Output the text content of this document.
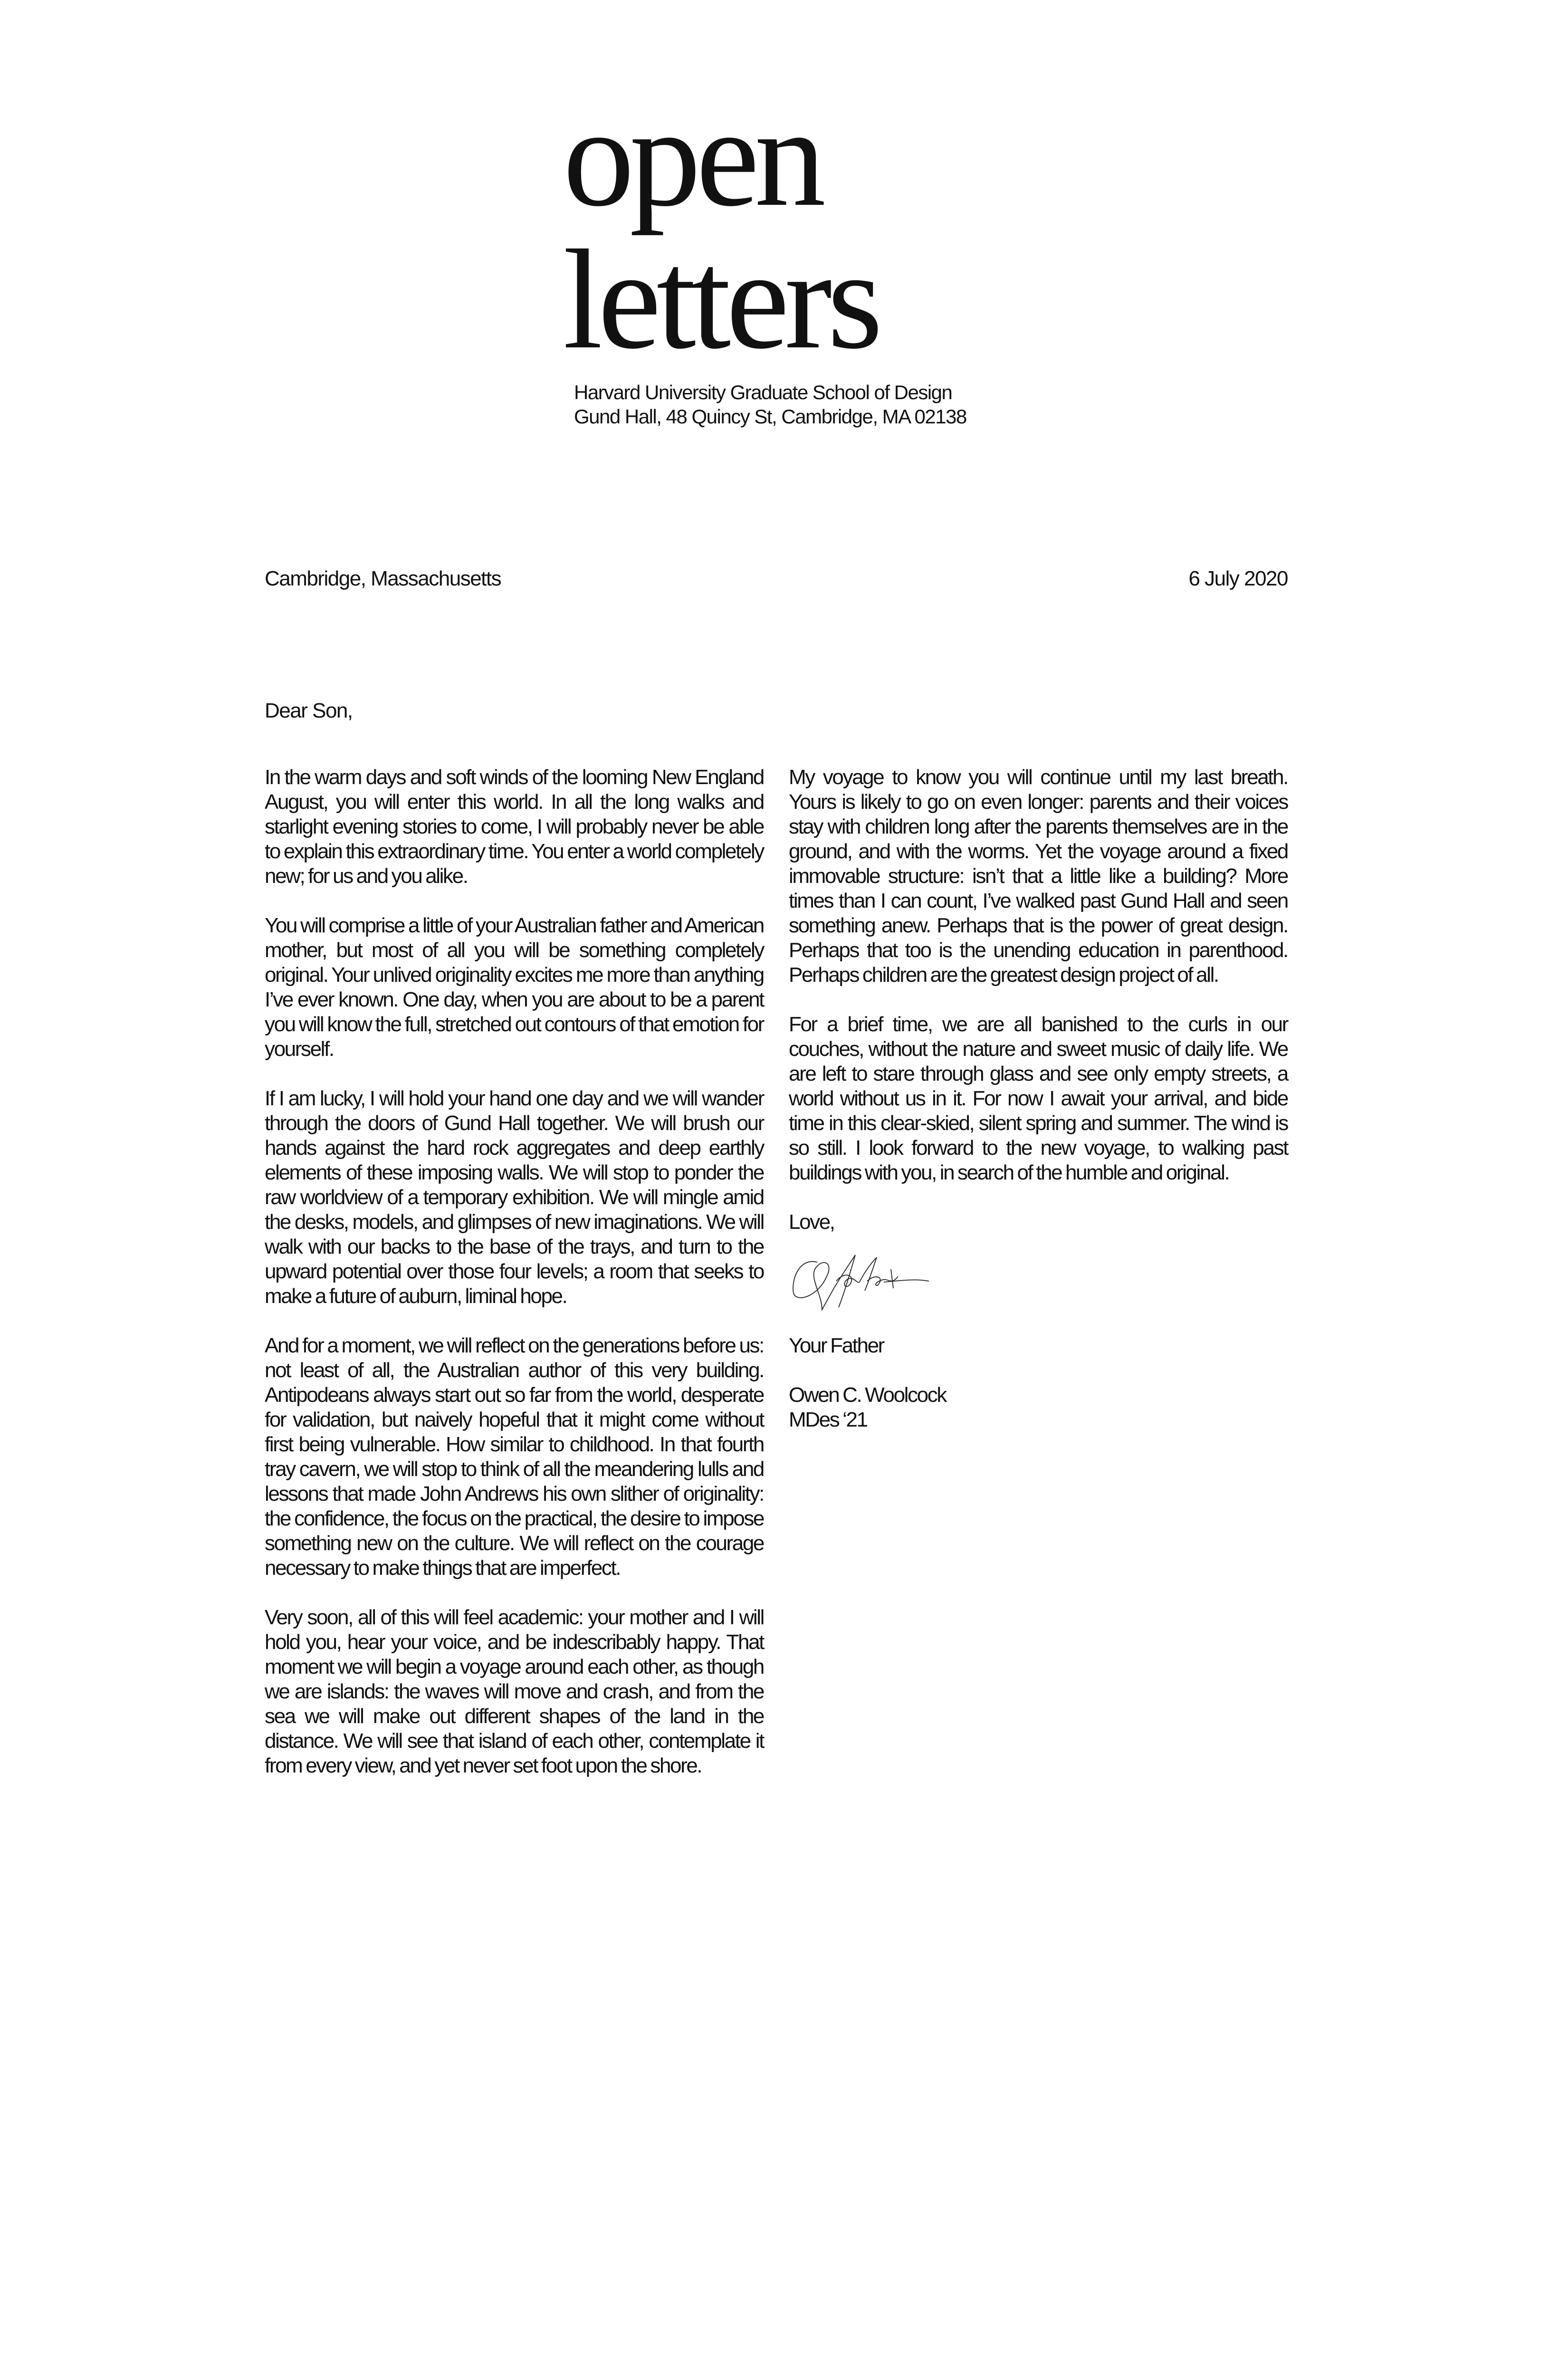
open
letters
Harvard University Graduate School of Design
Gund Hall, 48 Quincy St, Cambridge, MA 02138
Cambridge, Massachusetts	6 July 2020
Dear Son,

In the warm days and soft winds of the looming New England August, you will enter this world. In all the long walks and starlight evening stories to come, I will probably never be able to explain this extraordinary time. You enter a world completely new; for us and you alike.

You will comprise a little of your Australian father and American mother, but most of all you will be something completely original. Your unlived originality excites me more than anything I’ve ever known. One day, when you are about to be a parent you will know the full, stretched out contours of that emotion for yourself.

If I am lucky, I will hold your hand one day and we will wander through the doors of Gund Hall together. We will brush our hands against the hard rock aggregates and deep earthly elements of these imposing walls. We will stop to ponder the raw worldview of a temporary exhibition. We will mingle amid the desks, models, and glimpses of new imaginations. We will walk with our backs to the base of the trays, and turn to the upward potential over those four levels; a room that seeks to make a future of auburn, liminal hope.

And for a moment, we will reflect on the generations before us: not least of all, the Australian author of this very building. Antipodeans always start out so far from the world, desperate for validation, but naively hopeful that it might come without first being vulnerable. How similar to childhood. In that fourth tray cavern, we will stop to think of all the meandering lulls and lessons that made John Andrews his own slither of originality: the confidence, the focus on the practical, the desire to impose something new on the culture. We will reflect on the courage necessary to make things that are imperfect.

Very soon, all of this will feel academic: your mother and I will hold you, hear your voice, and be indescribably happy. That moment we will begin a voyage around each other, as though we are islands: the waves will move and crash, and from the sea we will make out different shapes of the land in the distance. We will see that island of each other, contemplate it from every view, and yet never set foot upon the shore.

My voyage to know you will continue until my last breath. Yours is likely to go on even longer: parents and their voices stay with children long after the parents themselves are in the ground, and with the worms. Yet the voyage around a fixed immovable structure: isn’t that a little like a building? More times than I can count, I’ve walked past Gund Hall and seen something anew. Perhaps that is the power of great design. Perhaps that too is the unending education in parenthood. Perhaps children are the greatest design project of all.

For a brief time, we are all banished to the curls in our couches, without the nature and sweet music of daily life. We are left to stare through glass and see only empty streets, a world without us in it. For now I await your arrival, and bide time in this clear-skied, silent spring and summer. The wind is so still. I look forward to the new voyage, to walking past buildings with you, in search of the humble and original.

Love,

Your Father

Owen C. Woolcock

MDes ‘21
